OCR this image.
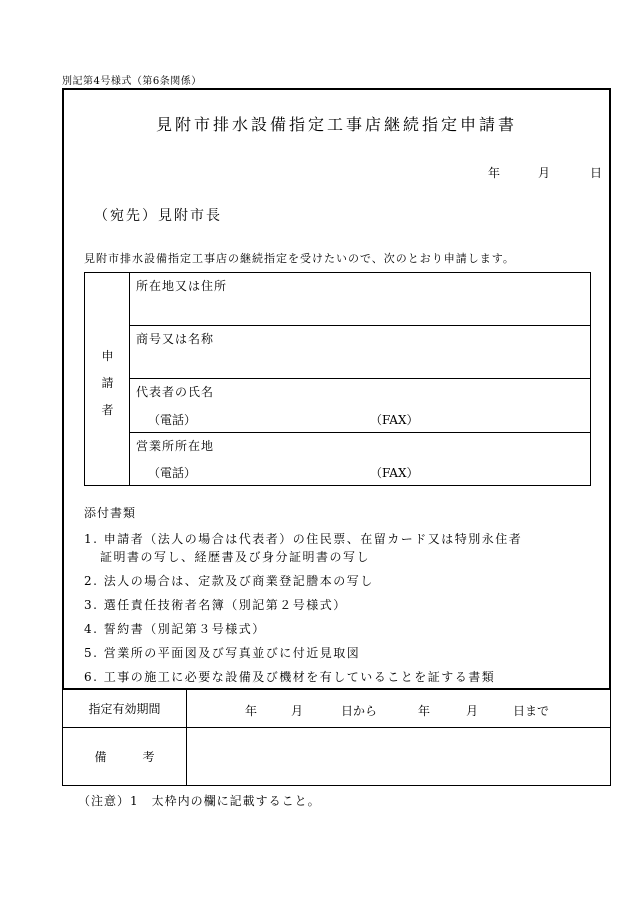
別記第4号様式（第6条関係）
見附市排水設備指定工事店継続指定申請書
年	月	日
（宛先）見附市長
見附市排水設備指定工事店の継続指定を受けたいので、次のとおり申請します。
申
請
者
所在地又は住所
商号又は名称
代表者の氏名
（電話）	（FAX）
営業所所在地
（電話）	（FAX）
添付書類
1. 申請者（法人の場合は代表者）の住民票、在留カード又は特別永住者
証明書の写し、経歴書及び身分証明書の写し
2. 法人の場合は、定款及び商業登記謄本の写し
3. 選任責任技術者名簿（別記第２号様式）
4. 誓約書（別記第３号様式）
5. 営業所の平面図及び写真並びに付近見取図
6. 工事の施工に必要な設備及び機材を有していることを証する書類
指定有効期間	年	月	日から	年	月	日まで
備　　　考
（注意）1　太枠内の欄に記載すること。
